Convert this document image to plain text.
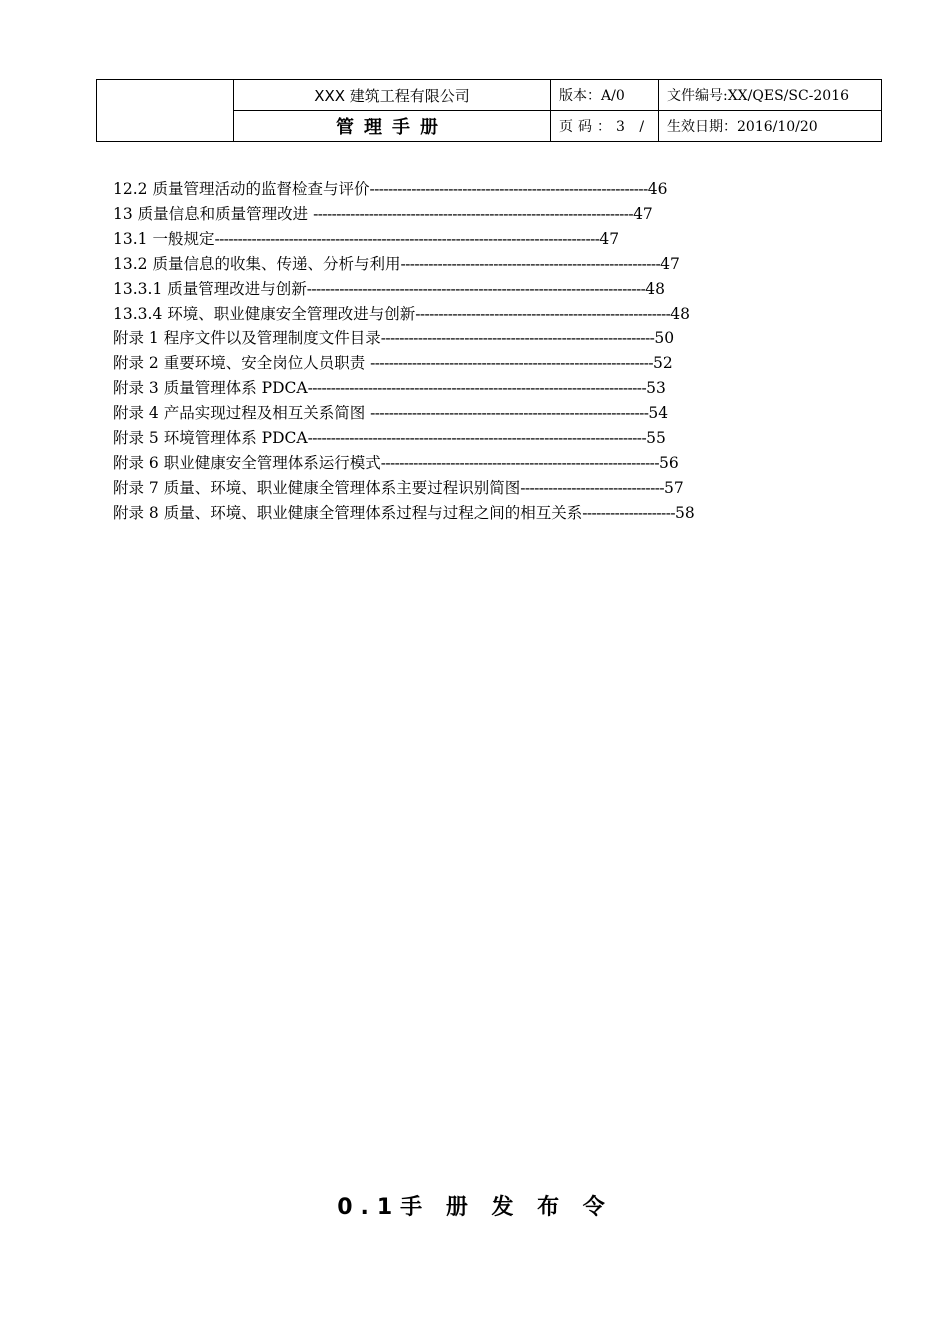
	XXX 建筑工程有限公司	版本：A/0	文件编号:XX/QES/SC-2016
	管理手册	页码：3 /	生效日期：2016/10/20
12.2 质量管理活动的监督检查与评价------------------------------------------------------------46
13 质量信息和质量管理改进 ---------------------------------------------------------------------47
13.1 一般规定-----------------------------------------------------------------------------------47
13.2 质量信息的收集、传递、分析与利用--------------------------------------------------------47
13.3.1 质量管理改进与创新-------------------------------------------------------------------------48
13.3.4 环境、职业健康安全管理改进与创新-------------------------------------------------------48
附录 1 程序文件以及管理制度文件目录-----------------------------------------------------------50
附录 2 重要环境、安全岗位人员职责 -------------------------------------------------------------52
附录 3 质量管理体系 PDCA-------------------------------------------------------------------------53
附录 4 产品实现过程及相互关系简图 ------------------------------------------------------------54
附录 5 环境管理体系 PDCA-------------------------------------------------------------------------55
附录 6 职业健康安全管理体系运行模式------------------------------------------------------------56
附录 7 质量、环境、职业健康全管理体系主要过程识别简图-------------------------------57
附录 8 质量、环境、职业健康全管理体系过程与过程之间的相互关系--------------------58
0.1手 册 发 布 令
